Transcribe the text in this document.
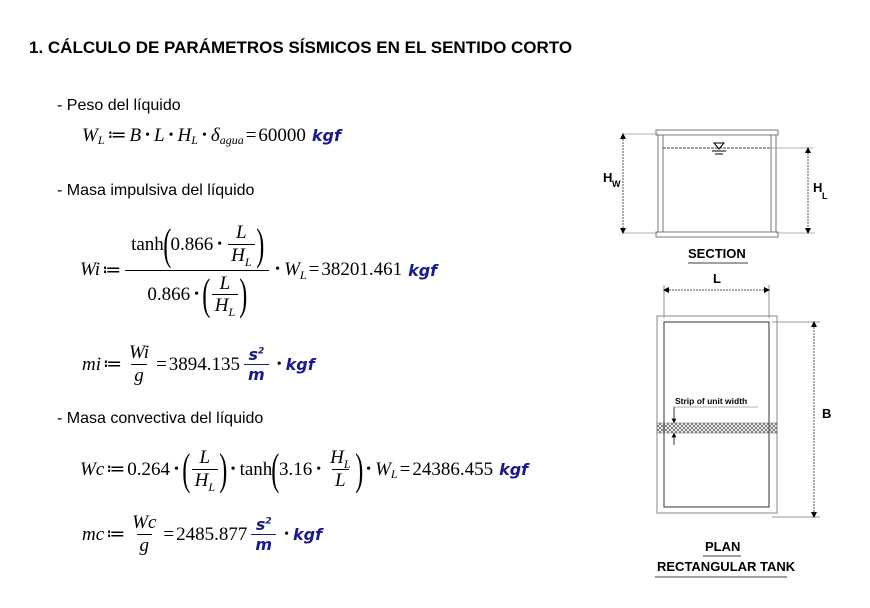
1. CÁLCULO DE PARÁMETROS SÍSMICOS EN EL SENTIDO CORTO
- Peso del líquido
W L ≔ B • L • H L • δ agua = 60000 kgf
- Masa impulsiva del líquido
Wi ≔ $\frac{\tanh ( 0.866 • \frac{L}{H_L} )}{0.866 • ( \frac{L}{H_L} )}$ • W L = 38201.461 kgf
mi ≔ $\frac{Wi}{g} = 3894.135 \frac{s^2}{m}$ • kgf
- Masa convectiva del líquido
Wc ≔ 0.264 • ( $\frac{L}{H_L}$ ) • tanh ( 3.16 • $\frac{H_L}{L}$ ) • W L = 24386.455 kgf
mc ≔ $\frac{Wc}{g} = 2485.877 \frac{s^2}{m}$ • kgf
H W	H
L
SECTION
L
Strip of unit width
B
PLAN
RECTANGULAR TANK
